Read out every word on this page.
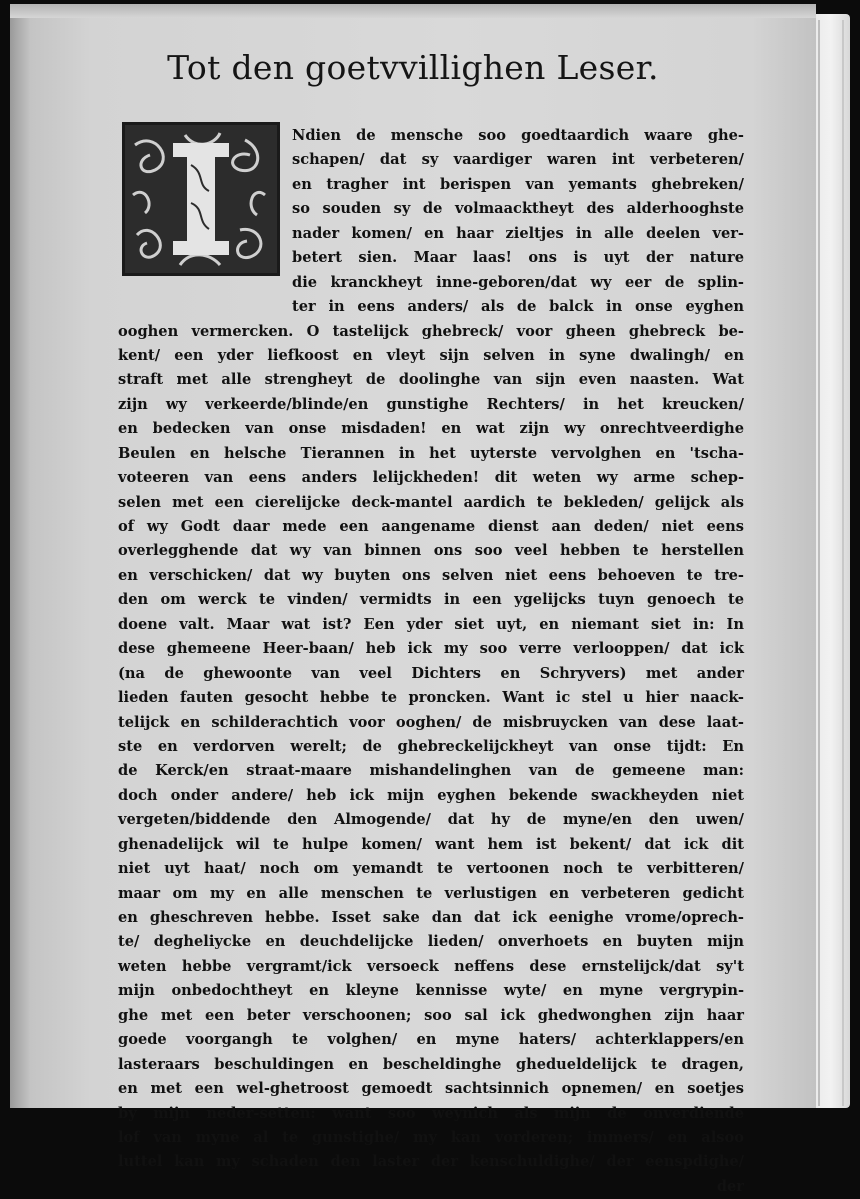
Tot den goetvvillighen Leser.
Ndien de mensche soo goedtaardich waare ghe-
schapen/ dat sy vaardiger waren int verbeteren/
en tragher int berispen van yemants ghebreken/
so souden sy de volmaacktheyt des alderhooghste
nader komen/ en haar zieltjes in alle deelen ver-
betert sien. Maar laas! ons is uyt der nature
die kranckheyt inne-geboren/dat wy eer de splin-
ter in eens anders/ als de balck in onse eyghen
ooghen vermercken. O tastelijck ghebreck/ voor gheen ghebreck be-
kent/ een yder liefkoost en vleyt sijn selven in syne dwalingh/ en
straft met alle strengheyt de doolinghe van sijn even naasten. Wat
zijn wy verkeerde/blinde/en gunstighe Rechters/ in het kreucken/
en bedecken van onse misdaden! en wat zijn wy onrechtveerdighe
Beulen en helsche Tierannen in het uyterste vervolghen en 'tscha-
voteeren van eens anders lelijckheden! dit weten wy arme schep-
selen met een cierelijcke deck-mantel aardich te bekleden/ gelijck als
of wy Godt daar mede een aangename dienst aan deden/ niet eens
overlegghende dat wy van binnen ons soo veel hebben te herstellen
en verschicken/ dat wy buyten ons selven niet eens behoeven te tre-
den om werck te vinden/ vermidts in een ygelijcks tuyn genoech te
doene valt. Maar wat ist? Een yder siet uyt, en niemant siet in: In
dese ghemeene Heer-baan/ heb ick my soo verre verlooppen/ dat ick
(na de ghewoonte van veel Dichters en Schryvers) met ander
lieden fauten gesocht hebbe te proncken. Want ic stel u hier naack-
telijck en schilderachtich voor ooghen/ de misbruycken van dese laat-
ste en verdorven werelt; de ghebreckelijckheyt van onse tijdt: En
de Kerck/en straat-maare mishandelinghen van de gemeene man:
doch onder andere/ heb ick mijn eyghen bekende swackheyden niet
vergeten/biddende den Almogende/ dat hy de myne/en den uwen/
ghenadelijck wil te hulpe komen/ want hem ist bekent/ dat ick dit
niet uyt haat/ noch om yemandt te vertoonen noch te verbitteren/
maar om my en alle menschen te verlustigen en verbeteren gedicht
en ghеschreven hebbe. Isset sake dan dat ick eenighe vrome/oprech-
te/ degheliycke en deuchdelijcke lieden/ onverhoets en buyten mijn
weten hebbe vergramt/ick versoeck neffens dese ernstelijck/dat sy't
mijn onbedochtheyt en kleyne kennisse wyte/ en myne vergrypin-
ghe met een beter verschoonen; soo sal ick ghedwonghen zijn haar
goede voorgangh te volghen/ en myne haters/ achterklappers/en
lasteraars beschuldingen en bescheldinghe ghedueldelijck te dragen,
en met een wel-ghetroost gemoedt sachtsinnich opnemen/ en soetjes
by mijn neder-setten: want soo weynich als mijn de onverdiende
lof van myne al te gunstighe/ my kan vorderen; immers/ en alsoo
luttel kan my schaden den laster der kenschuldighe/ der eenspdighe/
der
